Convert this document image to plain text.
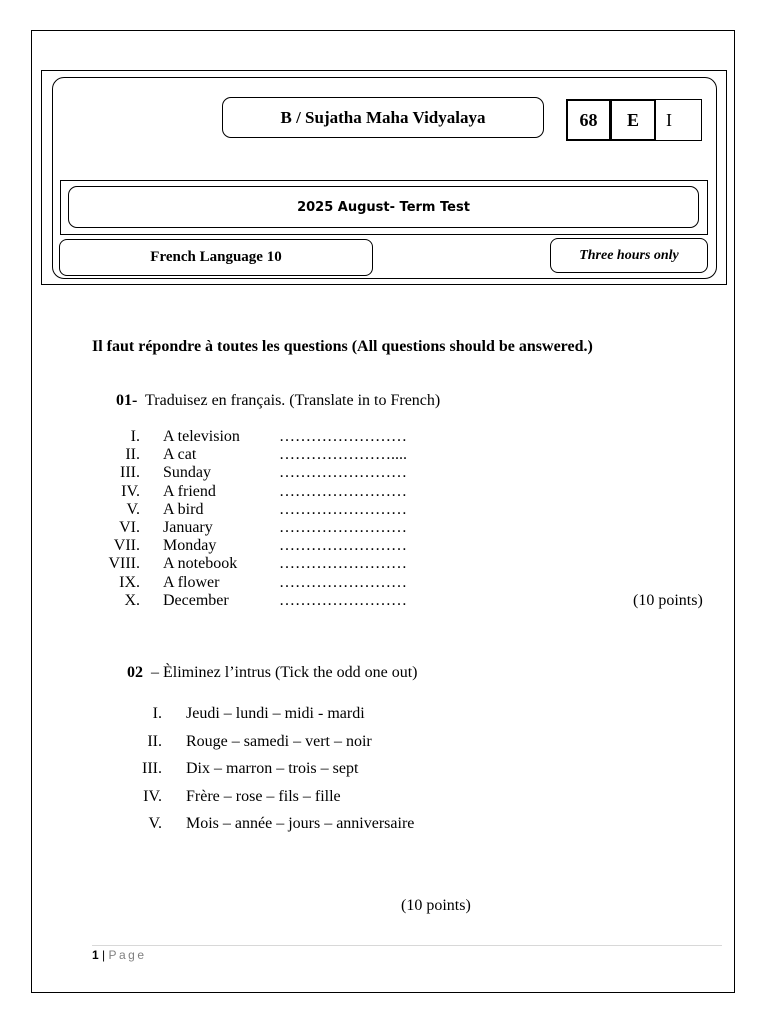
B / Sujatha Maha Vidyalaya	68	E	I
2025 August- Term Test
French Language 10	Three hours only
Il faut répondre à toutes les questions (All questions should be answered.)
01- Traduisez en français. (Translate in to French)
I.	A television	……………………
II.	A cat	…………………....
III.	Sunday	……………………
IV.	A friend	……………………
V.	A bird	……………………
VI.	January	……………………
VII.	Monday	……………………
VIII.	A notebook	……………………
IX.	A flower	……………………
X.	December	……………………	(10 points)
02 – Èliminez l’intrus (Tick the odd one out)
I.	Jeudi – lundi – midi - mardi
II.	Rouge – samedi – vert – noir
III.	Dix – marron – trois – sept
IV.	Frère – rose – fils – fille
V.	Mois – année – jours – anniversaire
(10 points)
1 | Page
